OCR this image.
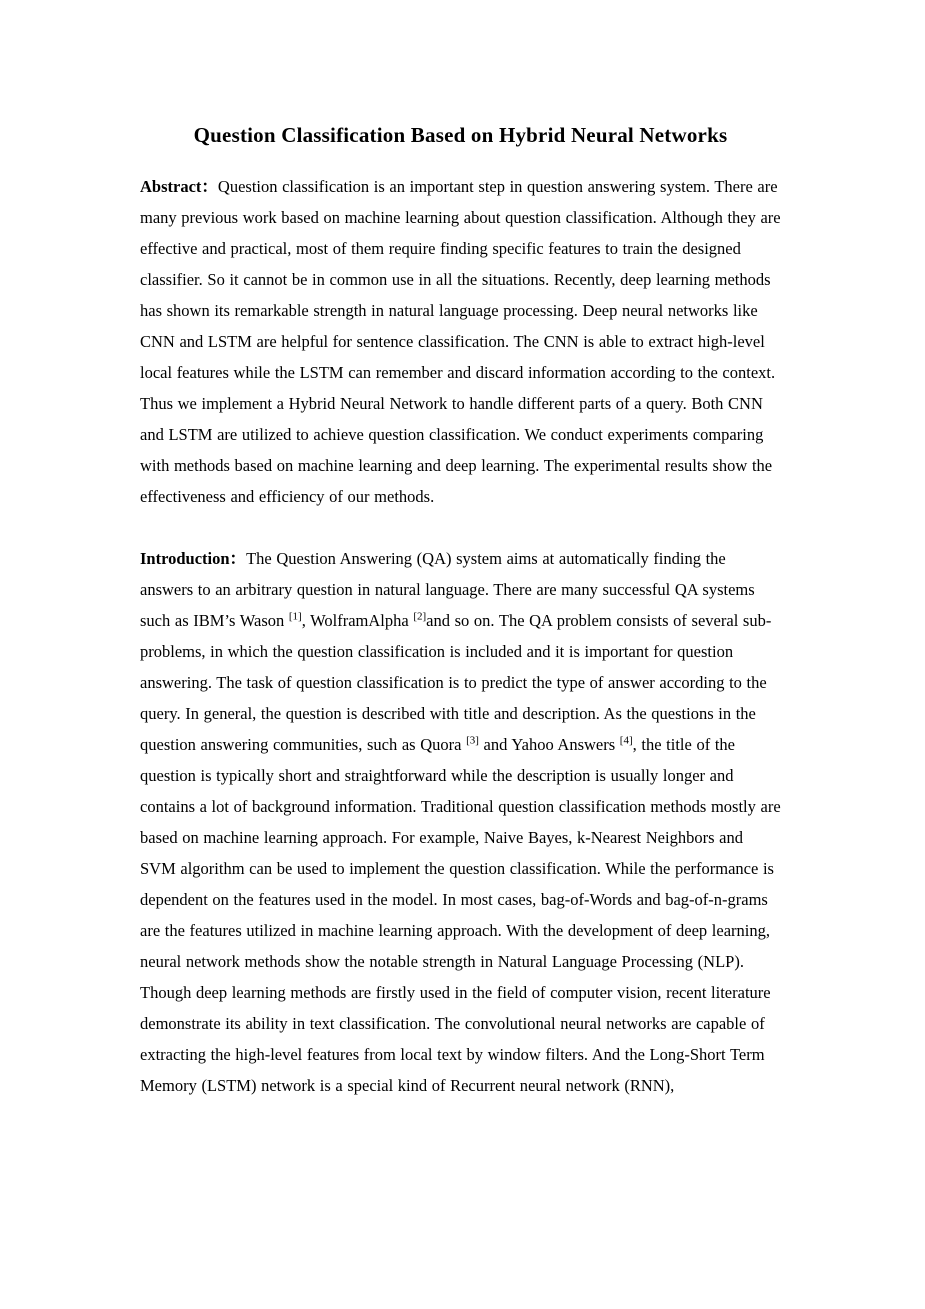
Question Classification Based on Hybrid Neural Networks

Abstract：Question classification is an important step in question answering system. There are many previous work based on machine learning about question classification. Although they are effective and practical, most of them require finding specific features to train the designed classifier. So it cannot be in common use in all the situations. Recently, deep learning methods has shown its remarkable strength in natural language processing. Deep neural networks like CNN and LSTM are helpful for sentence classification. The CNN is able to extract high-level local features while the LSTM can remember and discard information according to the context. Thus we implement a Hybrid Neural Network to handle different parts of a query. Both CNN and LSTM are utilized to achieve question classification. We conduct experiments comparing with methods based on machine learning and deep learning. The experimental results show the effectiveness and efficiency of our methods.

Introduction：The Question Answering (QA) system aims at automatically finding the answers to an arbitrary question in natural language. There are many successful QA systems such as IBM’s Wason [1], WolframAlpha [2]and so on. The QA problem consists of several sub-problems, in which the question classification is included and it is important for question answering. The task of question classification is to predict the type of answer according to the query. In general, the question is described with title and description. As the questions in the question answering communities, such as Quora [3] and Yahoo Answers [4], the title of the question is typically short and straightforward while the description is usually longer and contains a lot of background information. Traditional question classification methods mostly are based on machine learning approach. For example, Naive Bayes, k-Nearest Neighbors and SVM algorithm can be used to implement the question classification. While the performance is dependent on the features used in the model. In most cases, bag-of-Words and bag-of-n-grams are the features utilized in machine learning approach. With the development of deep learning, neural network methods show the notable strength in Natural Language Processing (NLP). Though deep learning methods are firstly used in the field of computer vision, recent literature demonstrate its ability in text classification. The convolutional neural networks are capable of extracting the high-level features from local text by window filters. And the Long-Short Term Memory (LSTM) network is a special kind of Recurrent neural network (RNN),
